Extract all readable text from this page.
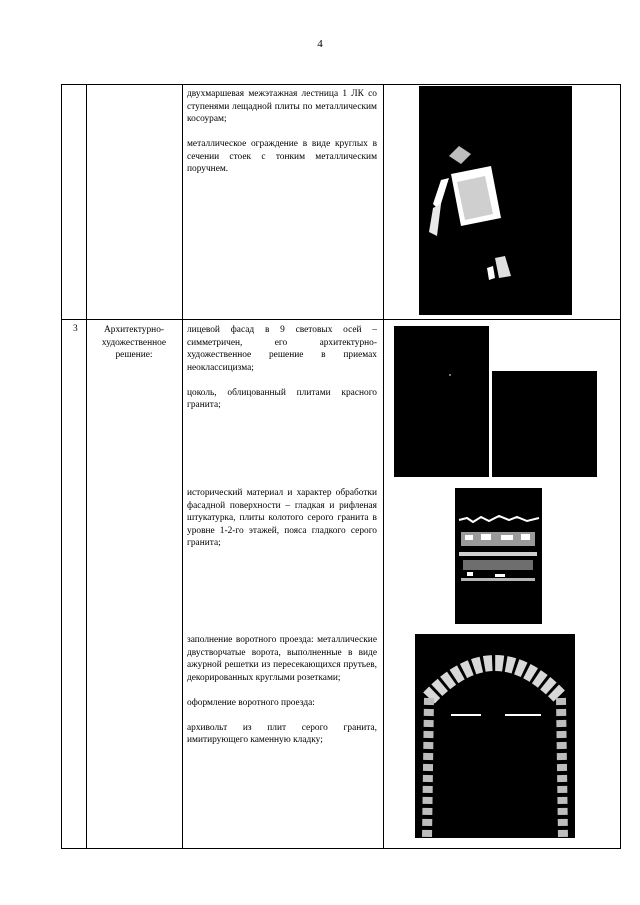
4

двухмаршевая межэтажная лестница 1 ЛК со ступенями лещадной плиты по металлическим косоурам;

металлическое ограждение в виде круглых в сечении стоек с тонким металлическим поручнем.

3	Архитектурно-художественное решение:

лицевой фасад в 9 световых осей – симметричен, его архитектурно-художественное решение в приемах неоклассицизма;

цоколь, облицованный плитами красного гранита;

исторический материал и характер обработки фасадной поверхности – гладкая и рифленая штукатурка, плиты колотого серого гранита в уровне 1-2-го этажей, пояса гладкого серого гранита;

заполнение воротного проезда: металлические двустворчатые ворота, выполненные в виде ажурной решетки из пересекающихся прутьев, декорированных круглыми розетками;

оформление воротного проезда:

архивольт из плит серого гранита, имитирующего каменную кладку;
